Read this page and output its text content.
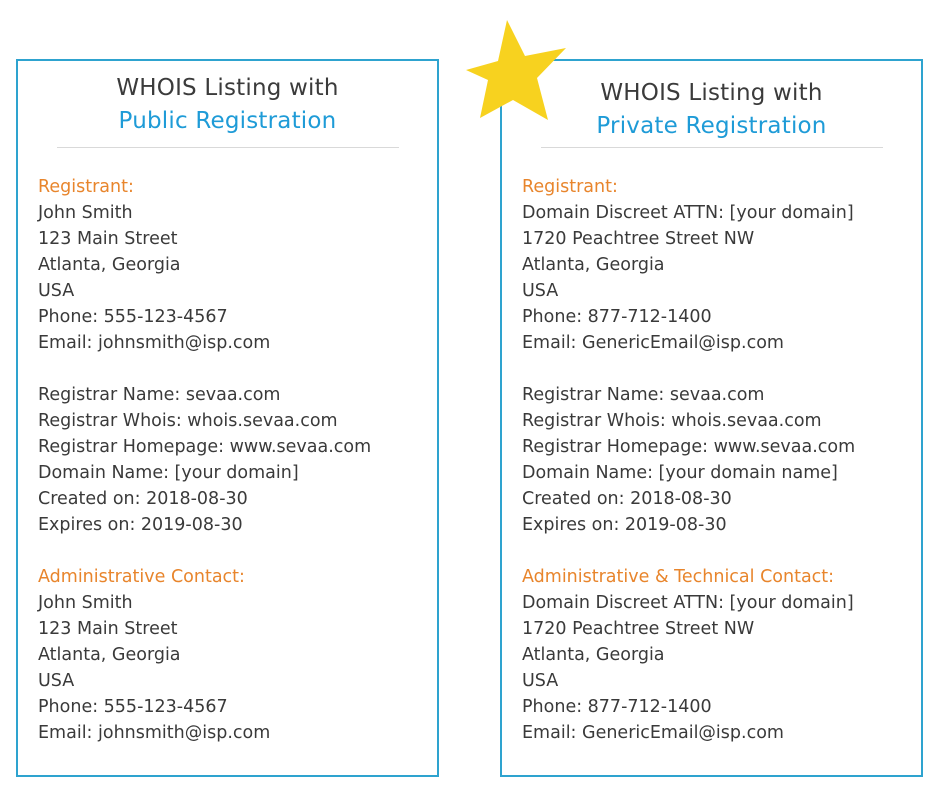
WHOIS Listing with
Public Registration
Registrant:
John Smith
123 Main Street
Atlanta, Georgia
USA
Phone: 555-123-4567
Email: johnsmith@isp.com
Registrar Name: sevaa.com
Registrar Whois: whois.sevaa.com
Registrar Homepage: www.sevaa.com
Domain Name: [your domain]
Created on: 2018-08-30
Expires on: 2019-08-30
Administrative Contact:
John Smith
123 Main Street
Atlanta, Georgia
USA
Phone: 555-123-4567
Email: johnsmith@isp.com
WHOIS Listing with
Private Registration
Registrant:
Domain Discreet ATTN: [your domain]
1720 Peachtree Street NW
Atlanta, Georgia
USA
Phone: 877-712-1400
Email: GenericEmail@isp.com
Registrar Name: sevaa.com
Registrar Whois: whois.sevaa.com
Registrar Homepage: www.sevaa.com
Domain Name: [your domain name]
Created on: 2018-08-30
Expires on: 2019-08-30
Administrative & Technical Contact:
Domain Discreet ATTN: [your domain]
1720 Peachtree Street NW
Atlanta, Georgia
USA
Phone: 877-712-1400
Email: GenericEmail@isp.com
